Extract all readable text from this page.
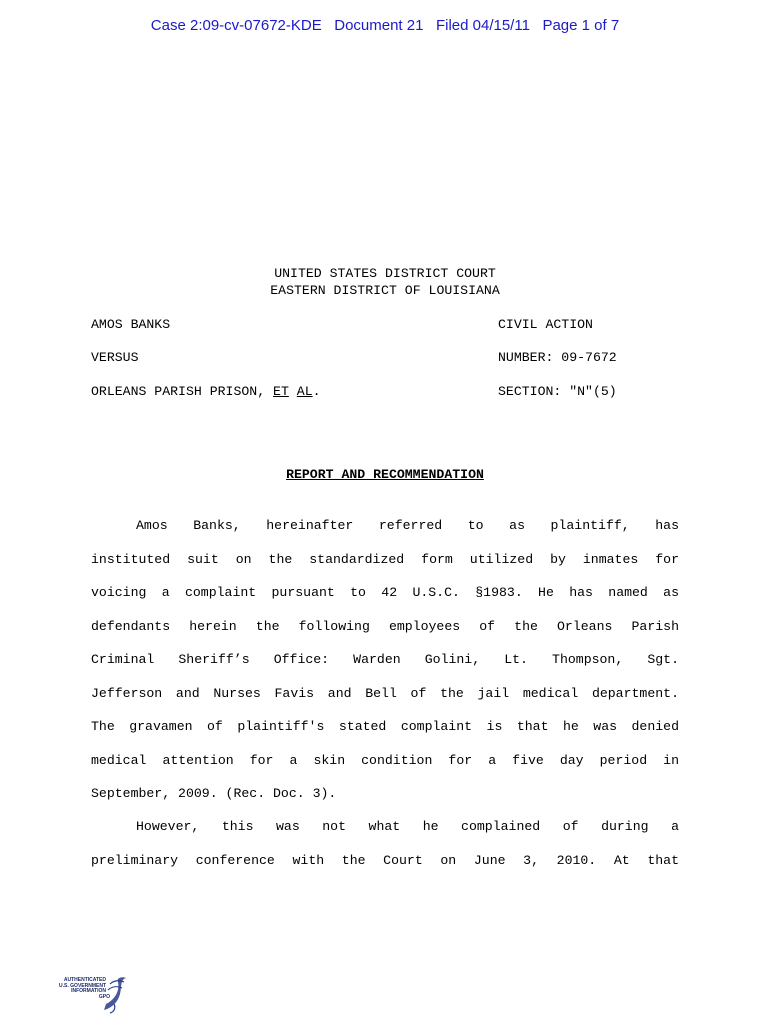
Case 2:09-cv-07672-KDE Document 21 Filed 04/15/11 Page 1 of 7
UNITED STATES DISTRICT COURT
EASTERN DISTRICT OF LOUISIANA
AMOS BANKS	CIVIL ACTION
VERSUS	NUMBER: 09-7672
ORLEANS PARISH PRISON, ET AL.	SECTION: "N"(5)
REPORT AND RECOMMENDATION
Amos Banks, hereinafter referred to as plaintiff, has
instituted suit on the standardized form utilized by inmates for
voicing a complaint pursuant to 42 U.S.C. §1983. He has named as
defendants herein the following employees of the Orleans Parish
Criminal Sheriff’s Office: Warden Golini, Lt. Thompson, Sgt.
Jefferson and Nurses Favis and Bell of the jail medical department.
The gravamen of plaintiff's stated complaint is that he was denied
medical attention for a skin condition for a five day period in
September, 2009. (Rec. Doc. 3).
However, this was not what he complained of during a
preliminary conference with the Court on June 3, 2010. At that
AUTHENTICATED
U.S. GOVERNMENT
INFORMATION
GPO
